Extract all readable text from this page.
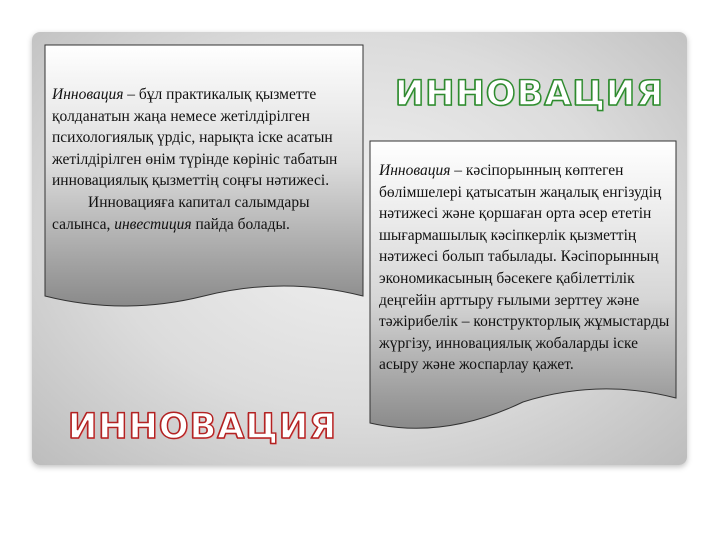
Инновация – бұл практикалық қызметте қолданатын жаңа немесе жетілдірілген психологиялық үрдіс, нарықта іске асатын жетілдірілген өнім түрінде көрініс табатын инновациялық қызметтің соңғы нәтижесі.
Инновацияға капитал салымдары салынса, инвестиция пайда болады.

Инновация – кәсіпорынның көптеген бөлімшелері қатысатын жаңалық енгізудің нәтижесі және қоршаған орта әсер ететін шығармашылық кәсіпкерлік қызметтің нәтижесі болып табылады. Кәсіпорынның экономикасының бәсекеге қабілеттілік деңгейін арттыру ғылыми зерттеу және тәжірибелік – конструкторлық жұмыстарды жүргізу, инновациялық жобаларды іске асыру және жоспарлау қажет.

ИННОВАЦИЯ
ИННОВАЦИЯ
